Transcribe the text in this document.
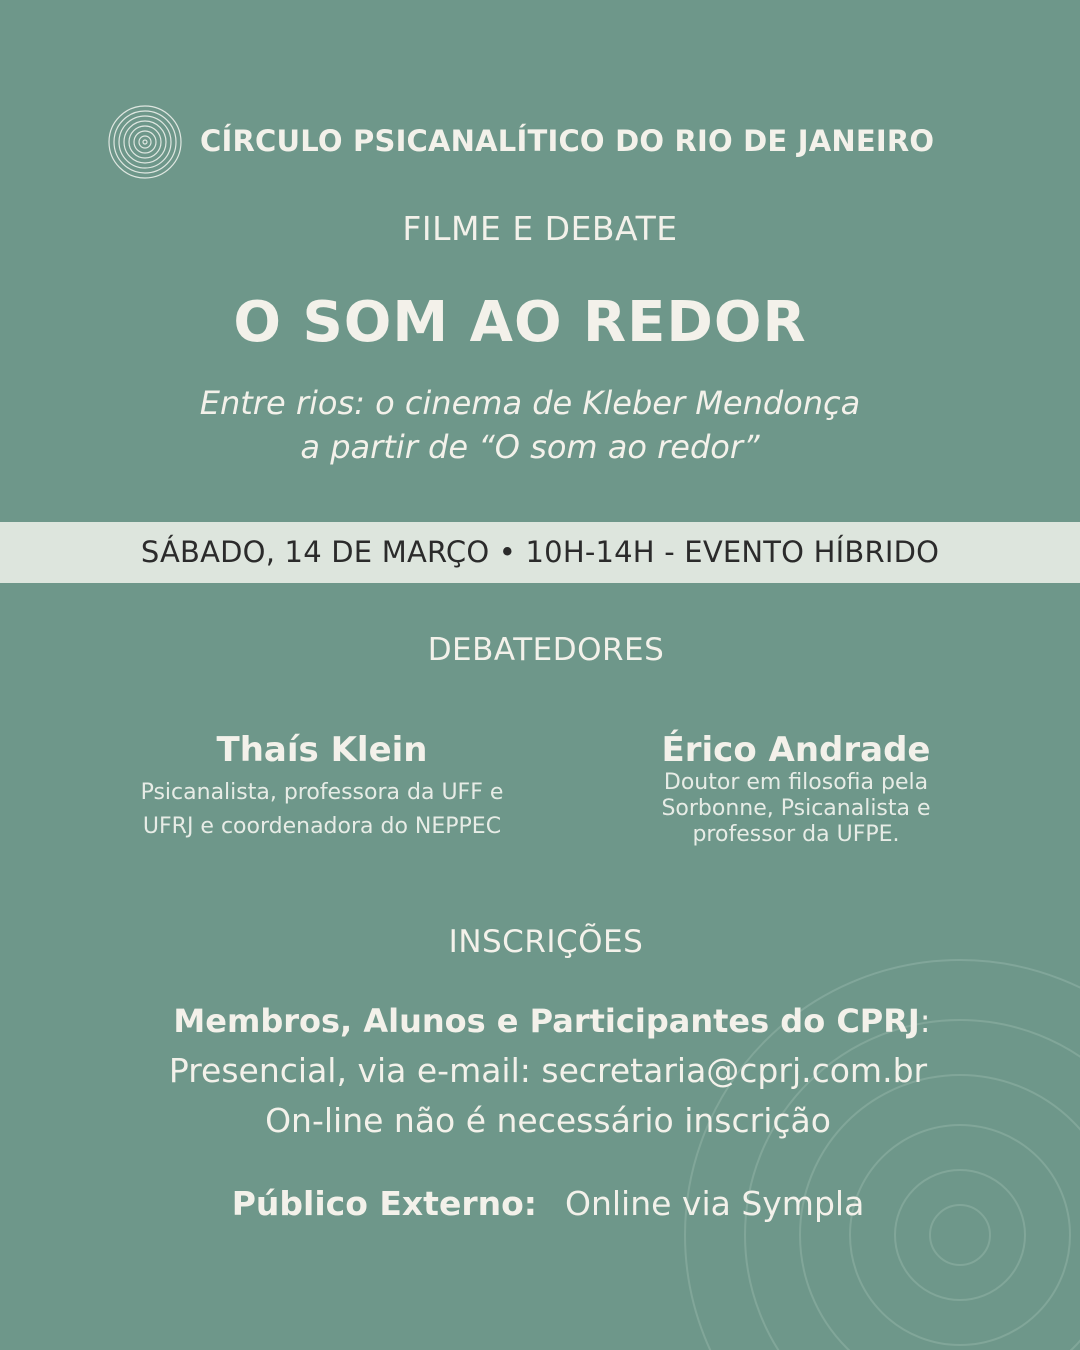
CÍRCULO PSICANALÍTICO DO RIO DE JANEIRO
FILME E DEBATE
O SOM AO REDOR
Entre rios: o cinema de Kleber Mendonça
a partir de “O som ao redor”
SÁBADO, 14 DE MARÇO • 10H-14H - EVENTO HÍBRIDO
DEBATEDORES
Thaís Klein
Psicanalista, professora da UFF e
UFRJ e coordenadora do NEPPEC
Érico Andrade
Doutor em filosofia pela
Sorbonne, Psicanalista e
professor da UFPE.
INSCRIÇÕES
Membros, Alunos e Participantes do CPRJ:
Presencial, via e-mail: secretaria@cprj.com.br
On-line não é necessário inscrição
Público Externo: Online via Sympla
